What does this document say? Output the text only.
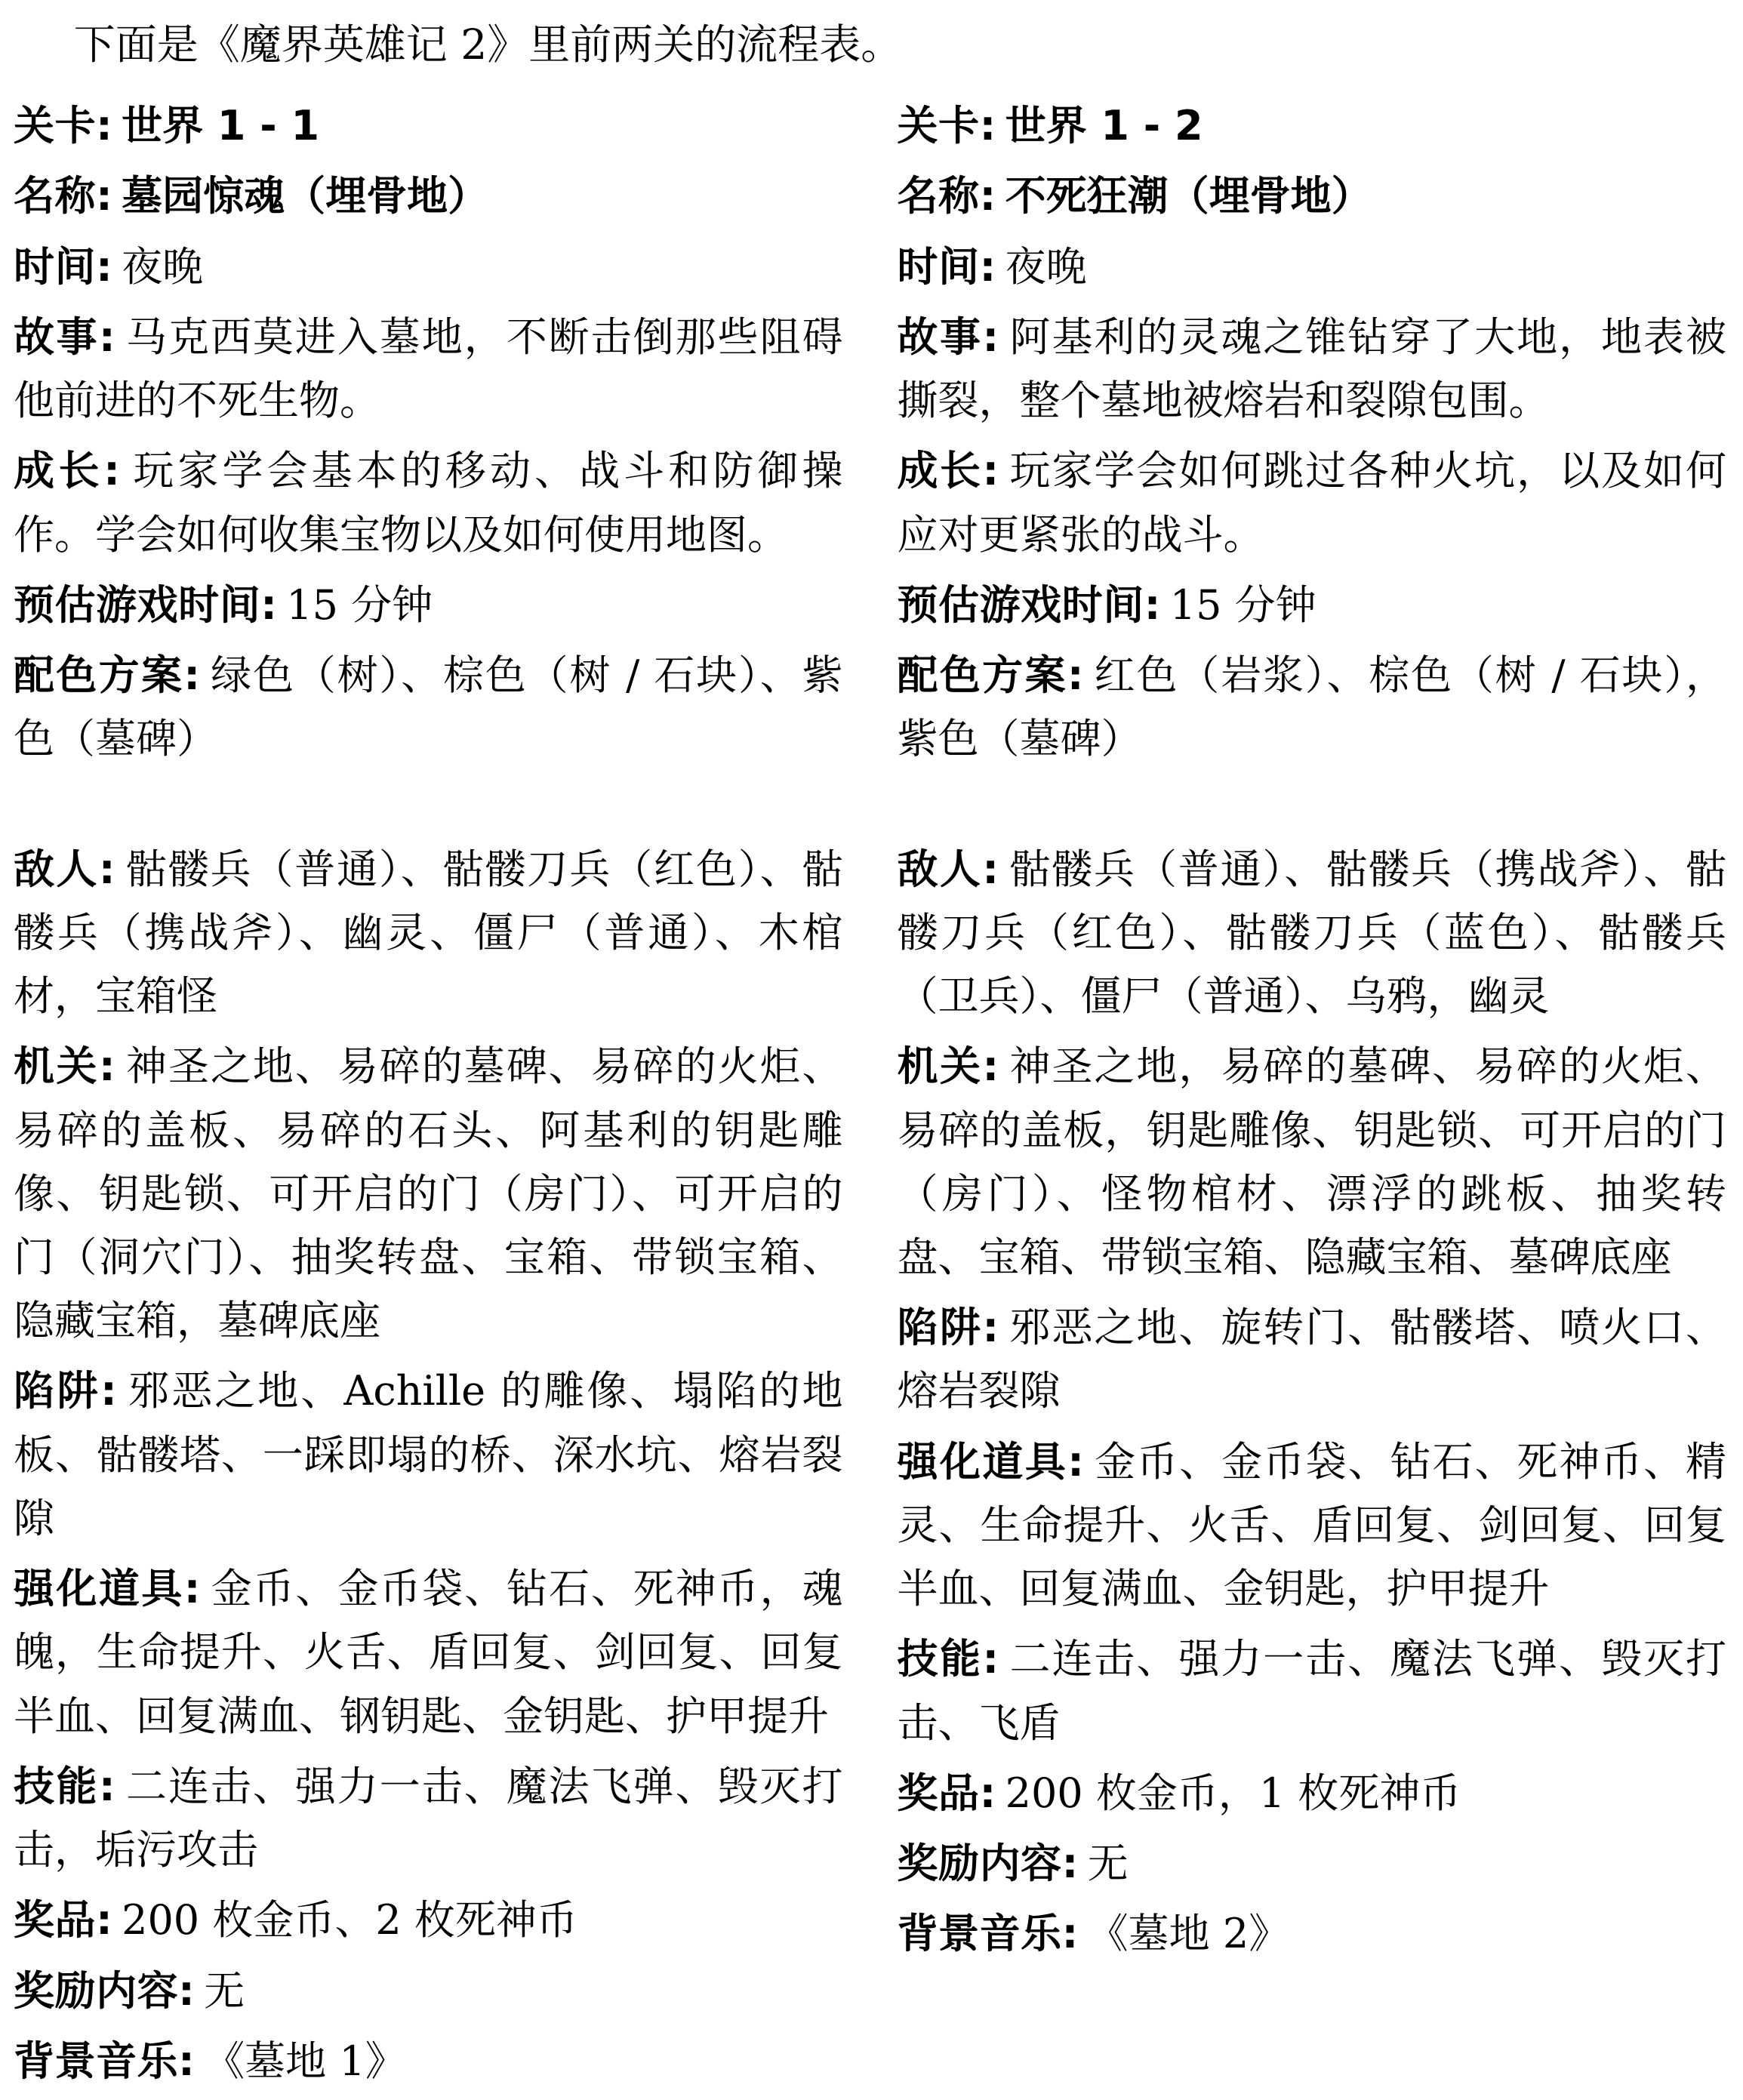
下面是《魔界英雄记 2》里前两关的流程表。

关卡: 世界 1 - 1

名称: 墓园惊魂（埋骨地）

时间: 夜晚

故事: 马克西莫进入墓地，不断击倒那些阻碍他前进的不死生物。

成长: 玩家学会基本的移动、战斗和防御操作。学会如何收集宝物以及如何使用地图。

预估游戏时间: 15 分钟

配色方案: 绿色（树）、棕色（树 / 石块）、紫色（墓碑）

敌人: 骷髅兵（普通）、骷髅刀兵（红色）、骷髅兵（携战斧）、幽灵、僵尸（普通）、木棺材，宝箱怪

机关: 神圣之地、易碎的墓碑、易碎的火炬、易碎的盖板、易碎的石头、阿基利的钥匙雕像、钥匙锁、可开启的门（房门）、可开启的门（洞穴门）、抽奖转盘、宝箱、带锁宝箱、隐藏宝箱，墓碑底座

陷阱: 邪恶之地、Achille 的雕像、塌陷的地板、骷髅塔、一踩即塌的桥、深水坑、熔岩裂隙

强化道具: 金币、金币袋、钻石、死神币，魂魄，生命提升、火舌、盾回复、剑回复、回复半血、回复满血、钢钥匙、金钥匙、护甲提升

技能: 二连击、强力一击、魔法飞弹、毁灭打击，垢污攻击

奖品: 200 枚金币、2 枚死神币

奖励内容: 无

背景音乐: 《墓地 1》

关卡: 世界 1 - 2

名称: 不死狂潮（埋骨地）

时间: 夜晚

故事: 阿基利的灵魂之锥钻穿了大地，地表被撕裂，整个墓地被熔岩和裂隙包围。

成长: 玩家学会如何跳过各种火坑，以及如何应对更紧张的战斗。

预估游戏时间: 15 分钟

配色方案: 红色（岩浆）、棕色（树 / 石块），紫色（墓碑）

敌人: 骷髅兵（普通）、骷髅兵（携战斧）、骷髅刀兵（红色）、骷髅刀兵（蓝色）、骷髅兵（卫兵）、僵尸（普通）、乌鸦，幽灵

机关: 神圣之地，易碎的墓碑、易碎的火炬、易碎的盖板，钥匙雕像、钥匙锁、可开启的门（房门）、怪物棺材、漂浮的跳板、抽奖转盘、宝箱、带锁宝箱、隐藏宝箱、墓碑底座

陷阱: 邪恶之地、旋转门、骷髅塔、喷火口、熔岩裂隙

强化道具: 金币、金币袋、钻石、死神币、精灵、生命提升、火舌、盾回复、剑回复、回复半血、回复满血、金钥匙，护甲提升

技能: 二连击、强力一击、魔法飞弹、毁灭打击、飞盾

奖品: 200 枚金币，1 枚死神币

奖励内容: 无

背景音乐: 《墓地 2》
